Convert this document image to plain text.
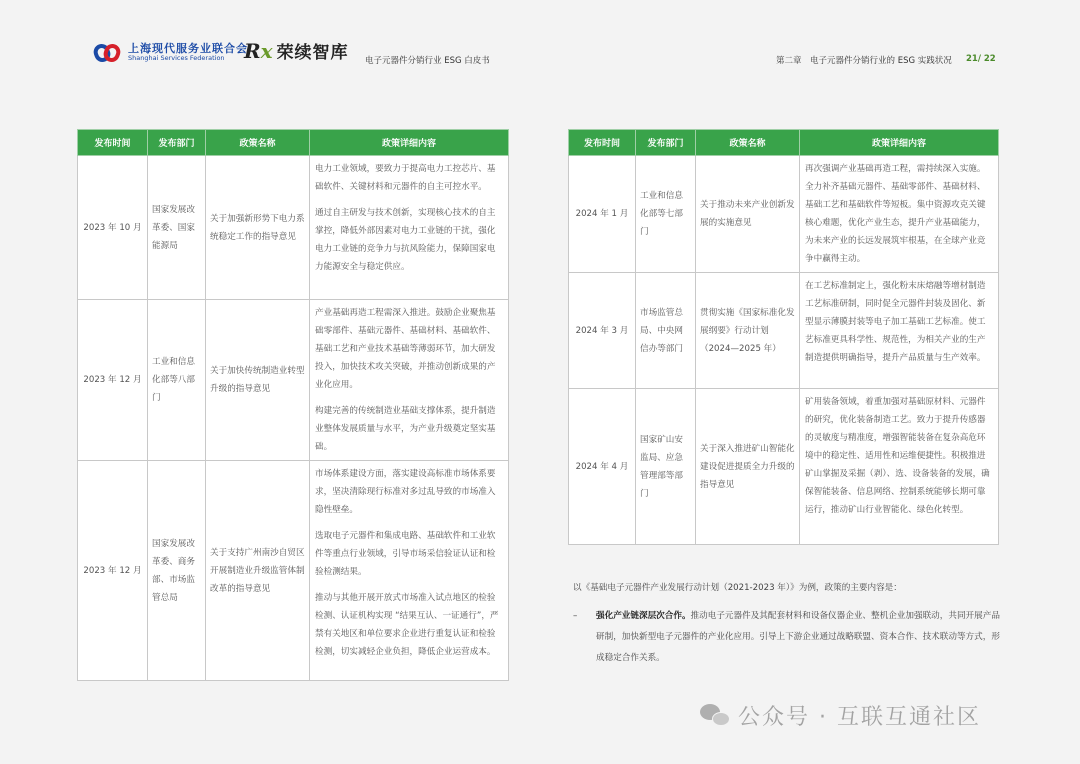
上海现代服务业联合会
Shanghai Services Federation Rx 荣续智库 电子元器件分销行业 ESG 白皮书	第二章　电子元器件分销行业的 ESG 实践状况 21/ 22
发布时间	发布部门	政策名称	政策详细内容
2023 年 10 月	国家发展改革委、国家能源局	关于加强新形势下电力系统稳定工作的指导意见	电力工业领域，要致力于提高电力工控芯片、基础软件、关键材料和元器件的自主可控水平。

通过自主研发与技术创新，实现核心技术的自主掌控，降低外部因素对电力工业链的干扰，强化电力工业链的竞争力与抗风险能力，保障国家电力能源安全与稳定供应。

2023 年 12 月	工业和信息化部等八部门	关于加快传统制造业转型升级的指导意见	产业基础再造工程需深入推进。鼓励企业聚焦基础零部件、基础元器件、基础材料、基础软件、基础工艺和产业技术基础等薄弱环节，加大研发投入，加快技术攻关突破，并推动创新成果的产业化应用。

构建完善的传统制造业基础支撑体系，提升制造业整体发展质量与水平，为产业升级奠定坚实基础。

2023 年 12 月	国家发展改革委、商务部、市场监管总局	关于支持广州南沙自贸区开展制造业升级监管体制改革的指导意见	市场体系建设方面，落实建设高标准市场体系要求，坚决清除现行标准对多过乱导致的市场准入隐性壁垒。

选取电子元器件和集成电路、基础软件和工业软件等重点行业领域，引导市场采信验证认证和检验检测结果。

推动与其他开展开放式市场准入试点地区的检验检测、认证机构实现 “结果互认、一证通行”，严禁有关地区和单位要求企业进行重复认证和检验检测，切实减轻企业负担，降低企业运营成本。

发布时间	发布部门	政策名称	政策详细内容
2024 年 1 月	工业和信息化部等七部门	关于推动未来产业创新发展的实施意见	再次强调产业基础再造工程，需持续深入实施。全力补齐基础元器件、基础零部件、基础材料、基础工艺和基础软件等短板。集中资源攻克关键核心难题，优化产业生态，提升产业基础能力，为未来产业的长远发展筑牢根基，在全球产业竞争中赢得主动。

2024 年 3 月	市场监管总局、中央网信办等部门	贯彻实施《国家标准化发展纲要》行动计划（2024—2025 年）	在工艺标准制定上，强化粉末床熔融等增材制造工艺标准研制，同时促全元器件封装及固化、新型显示薄膜封装等电子加工基础工艺标准。使工艺标准更具科学性、规范性，为相关产业的生产制造提供明确指导，提升产品质量与生产效率。

2024 年 4 月	国家矿山安监局、应急管理部等部门	关于深入推进矿山智能化建设促进提质全力升级的指导意见	矿用装备领域，着重加强对基础原材料、元器件的研究，优化装备制造工艺。致力于提升传感器的灵敏度与精准度，增强智能装备在复杂高危环境中的稳定性、适用性和运维便捷性。积极推进矿山掌掘及采掘（剥）、选、设备装备的发展，确保智能装备、信息网络、控制系统能够长期可靠运行，推动矿山行业智能化、绿色化转型。

以《基础电子元器件产业发展行动计划（2021-2023 年）》为例，政策的主要内容是：
–	强化产业链深层次合作。推动电子元器件及其配套材料和设备仪器企业、整机企业加强联动，共同开展产品研制，加快新型电子元器件的产业化应用。引导上下游企业通过战略联盟、资本合作、技术联动等方式，形成稳定合作关系。
公众号 · 互联互通社区
